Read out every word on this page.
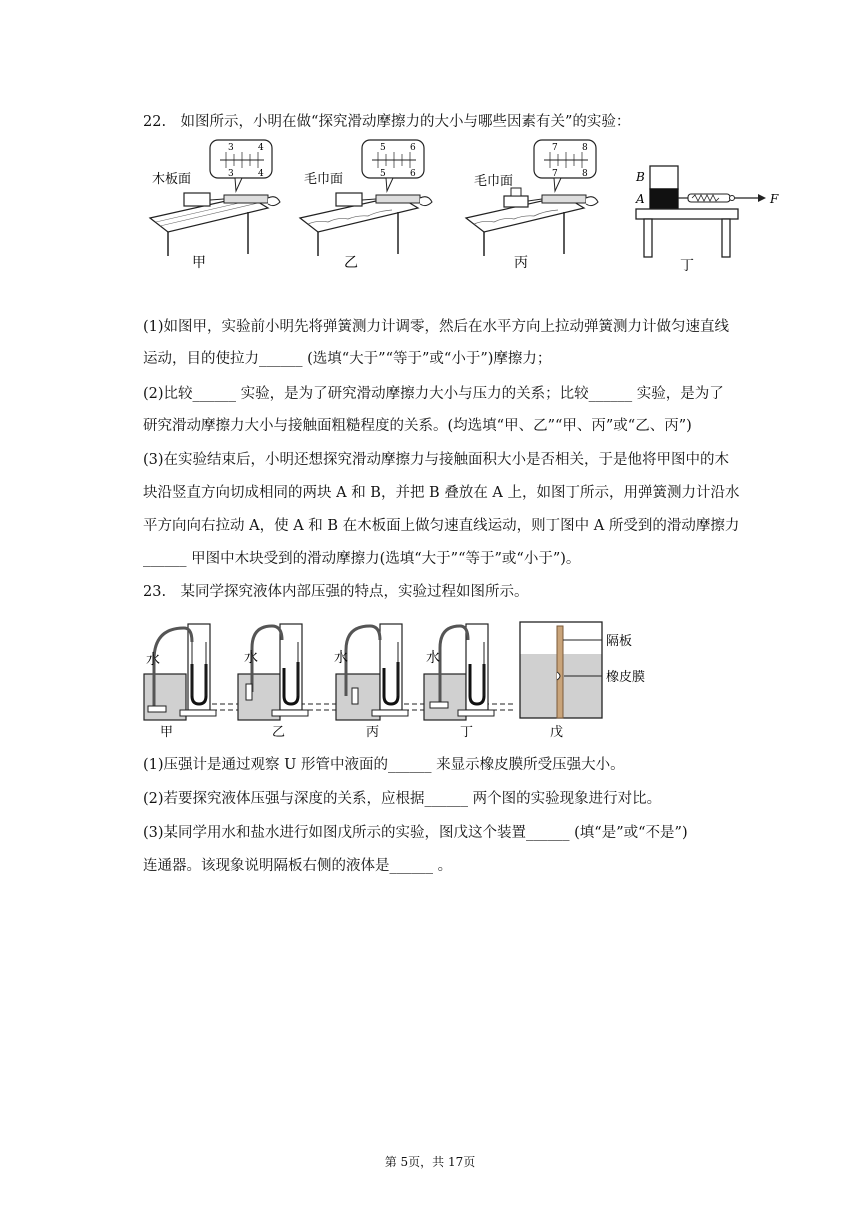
22.　如图所示，小明在做“探究滑动摩擦力的大小与哪些因素有关”的实验：
木板面
3	4
3	4
甲
毛巾面
5	6
5	6
乙
毛巾面
7	8
7	8
丙
B
A	F
丁
(1)如图甲，实验前小明先将弹簧测力计调零，然后在水平方向上拉动弹簧测力计做匀速直线
运动，目的使拉力______ (选填“大于”“等于”或“小于”)摩擦力；
(2)比较______ 实验，是为了研究滑动摩擦力大小与压力的关系；比较______ 实验，是为了
研究滑动摩擦力大小与接触面粗糙程度的关系。(均选填“甲、乙”“甲、丙”或“乙、丙”)
(3)在实验结束后，小明还想探究滑动摩擦力与接触面积大小是否相关，于是他将甲图中的木
块沿竖直方向切成相同的两块 A 和 B，并把 B 叠放在 A 上，如图丁所示，用弹簧测力计沿水
平方向向右拉动 A，使 A 和 B 在木板面上做匀速直线运动，则丁图中 A 所受到的滑动摩擦力
______ 甲图中木块受到的滑动摩擦力(选填“大于”“等于”或“小于”)。
23.　某同学探究液体内部压强的特点，实验过程如图所示。
水
甲
水
乙
水
丙
水
丁
隔板
橡皮膜
戊
(1)压强计是通过观察 U 形管中液面的______ 来显示橡皮膜所受压强大小。
(2)若要探究液体压强与深度的关系，应根据______ 两个图的实验现象进行对比。
(3)某同学用水和盐水进行如图戊所示的实验，图戊这个装置______ (填“是”或“不是”)
连通器。该现象说明隔板右侧的液体是______ 。
第 5页，共 17页
